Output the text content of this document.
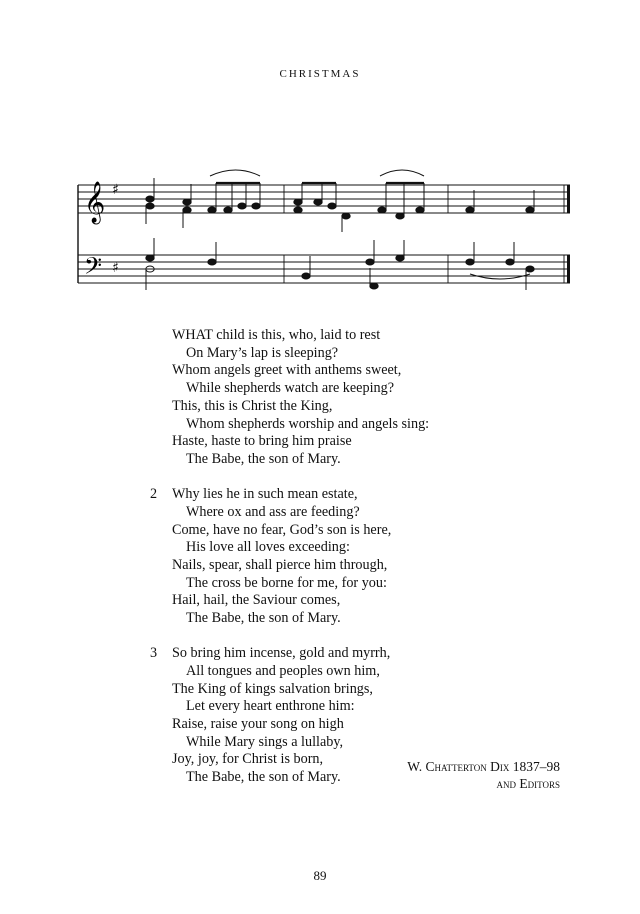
CHRISTMAS
𝄞
𝄢
♯
♯
WHAT child is this, who, laid to rest
On Mary’s lap is sleeping?
Whom angels greet with anthems sweet,
While shepherds watch are keeping?
This, this is Christ the King,
Whom shepherds worship and angels sing:
Haste, haste to bring him praise
The Babe, the son of Mary.
2 Why lies he in such mean estate,
Where ox and ass are feeding?
Come, have no fear, God’s son is here,
His love all loves exceeding:
Nails, spear, shall pierce him through,
The cross be borne for me, for you:
Hail, hail, the Saviour comes,
The Babe, the son of Mary.
3 So bring him incense, gold and myrrh,
All tongues and peoples own him,
The King of kings salvation brings,
Let every heart enthrone him:
Raise, raise your song on high
While Mary sings a lullaby,
Joy, joy, for Christ is born,
The Babe, the son of Mary.
W. Chatterton Dix 1837–98
and Editors
89
